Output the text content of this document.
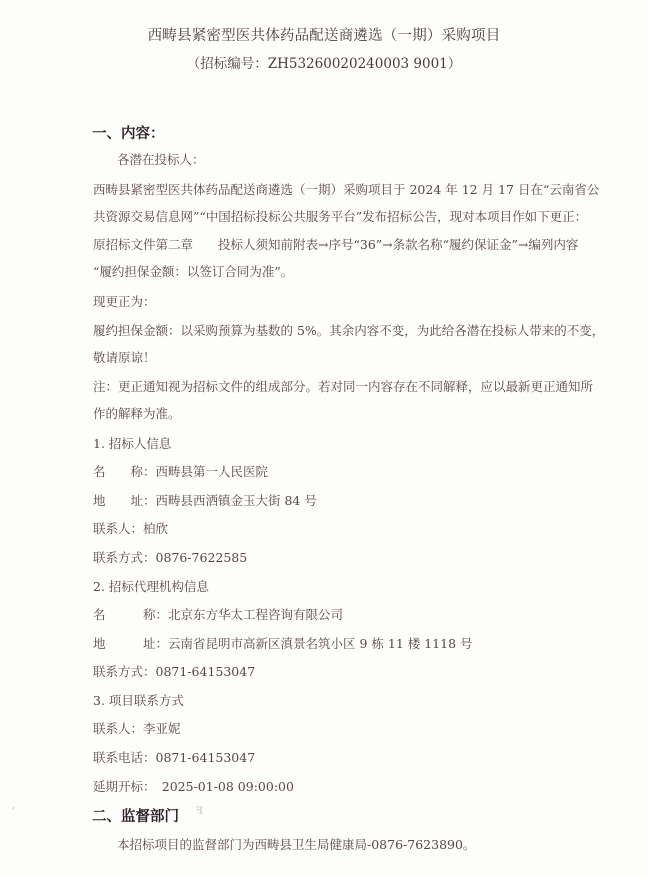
西畴县紧密型医共体药品配送商遴选（一期）采购项目
（招标编号：ZH53260020240003 9001）
一、内容：
各潜在投标人：
西畴县紧密型医共体药品配送商遴选（一期）采购项目于 2024 年 12 月 17 日在“云南省公
共资源交易信息网”“中国招标投标公共服务平台”发布招标公告，现对本项目作如下更正：
原招标文件第二章　　投标人须知前附表→序号“36”→条款名称“履约保证金”→编列内容
“履约担保金额：以签订合同为准”。
现更正为：
履约担保金额：以采购预算为基数的 5%。其余内容不变，为此给各潜在投标人带来的不变，
敬请原谅！
注：更正通知视为招标文件的组成部分。若对同一内容存在不同解释，应以最新更正通知所
作的解释为准。
1. 招标人信息
名　　称：西畴县第一人民医院
地　　址：西畴县西洒镇金玉大街 84 号
联系人：柏欣
联系方式：0876-7622585
2. 招标代理机构信息
名　　　称：北京东方华太工程咨询有限公司
地　　　址：云南省昆明市高新区滇景名筑小区 9 栋 11 楼 1118 号
联系方式：0871-64153047
3. 项目联系方式
联系人：李亚妮
联系电话：0871-64153047
延期开标：　2025-01-08 09:00:00
二、监督部门
本招标项目的监督部门为西畴县卫生局健康局-0876-7623890。
,
ꟻ
